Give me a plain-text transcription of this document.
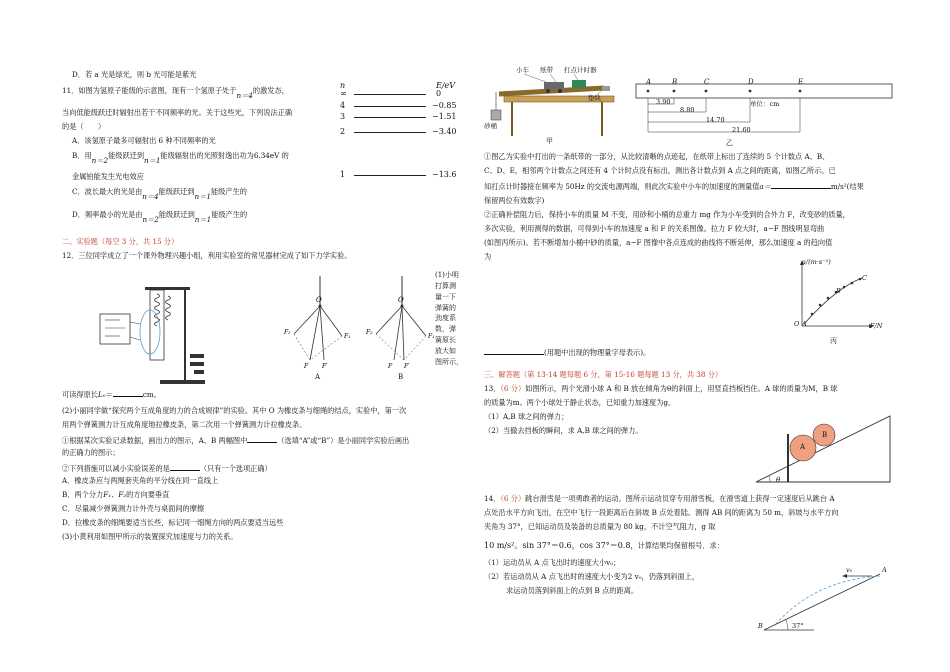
D．若 a 光是绿光，则 b 光可能是紫光
11．如图为氢原子能级的示意图，现有一个氢原子处于n＝4的激发态，
当向低能级跃迁时辐射出若干不同频率的光。关于这些光，下列说法正确
的是（　　）
A．该氢原子最多可辐射出 6 种不同频率的光
B．用n＝2能级跃迁到n＝1能级辐射出的光照射逸出功为6.34eV 的
金属铂能发生光电效应
C．波长最大的光是由n＝4能级跃迁到n＝1能级产生的
D．频率最小的光是由n＝2能级跃迁到n＝1能级产生的
二、实验题（每空 3 分，共 15 分）
12．三位同学成立了一个课外物理兴趣小组，利用实验室的常见器材完成了如下力学实验。
O
F₂
F₁
F F′
A
O
F₂
F₁
F F′
B
(1)小明
打算测
量一下
弹簧的
劲度系
数，弹
簧原长
放大如
图所示，
可读得原长L₀＝	cm。
(2)小丽同学做“探究两个互成角度的力的合成规律”的实验。其中 O 为橡皮条与细绳的结点，实验中，第一次
用两个弹簧测力计互成角度地拉橡皮条，第二次用一个弹簧测力计拉橡皮条。
①根据某次实验记录数据，画出力的图示，A、B 两幅图中	（选填“A”或“B”）是小丽同学实验后画出
的正确力的图示；
②下列措施可以减小实验误差的是	（只有一个选项正确）
A．橡皮条应与两绳套夹角的平分线在同一直线上
B．两个分力F₁、F₂的方向要垂直
C．尽量减少弹簧测力计外壳与桌面间的摩擦
D．拉橡皮条的细绳要适当长些，标记同一细绳方向的两点要适当远些
(3)小黄利用如图甲所示的装置探究加速度与力的关系。
n	E/eV
∞	0
4	−0.85
3	−1.51
2	−3.40
1	−13.6
小车 纸带 打点计时器
垫块
砂桶
甲
A	B	C	D	E
3.90
8.80
14.70
21.60
单位：cm
乙
①图乙为实验中打出的一条纸带的一部分，从比较清晰的点迹起，在纸带上标出了连续的 5 个计数点 A、B、
C、D、E，相邻两个计数点之间还有 4 个计时点没有标出，测出各计数点到 A 点之间的距离，如图乙所示。已
知打点计时器接在频率为 50Hz 的交流电源两端，则此次实验中小车的加速度的测量值a＝	m/s²(结果
保留两位有效数字)
②正确补偿阻力后，保持小车的质量 M 不变，用砂和小桶的总重力 mg 作为小车受到的合外力 F，改变砂的质量，
多次实验，利用测得的数据，可得到小车的加速度 a 和 F 的关系图像。拉力 F 较大时，a−F 图线明显弯曲
(如图丙所示)。若不断增加小桶中砂的质量，a−F 图像中各点连成的曲线将不断延伸，那么加速度 a 的趋向值
为
a/(m·s⁻²)
F/N
O A
B
C
丙
(用题中出现的物理量字母表示)。
三、解答题（第 13-14 题每题 6 分，第 15-16 题每题 13 分，共 38 分）
13．（6 分）如图所示，两个光滑小球 A 和 B 放在倾角为θ的斜面上，用竖直挡板挡住。A 球的质量为M，B 球
的质量为m。两个小球处于静止状态，已知重力加速度为g。
（1）A,B 球之间的弹力；
（2）当撤去挡板的瞬间，求 A,B 球之间的弹力。
A
B
θ
14．（6 分）跳台滑雪是一项勇敢者的运动。图所示运动员穿专用滑雪板，在滑雪道上获得一定速度后从跳台 A
点处沿水平方向飞出，在空中飞行一段距离后在斜坡 B 点处着陆。测得 AB 间的距离为 50 m，斜坡与水平方向
夹角为 37°，已知运动员及装备的总质量为 80 kg，不计空气阻力，g 取
10 m/s²。sin 37°＝0.6，cos 37°＝0.8，计算结果均保留根号．求：
（1）运动员从 A 点飞出时的速度大小v₀；
（2）若运动员从 A 点飞出时的速度大小变为2 v₀，仍落到斜面上，
求运动员落到斜面上的点到 B 点的距离。
v₀	A
B	37°
